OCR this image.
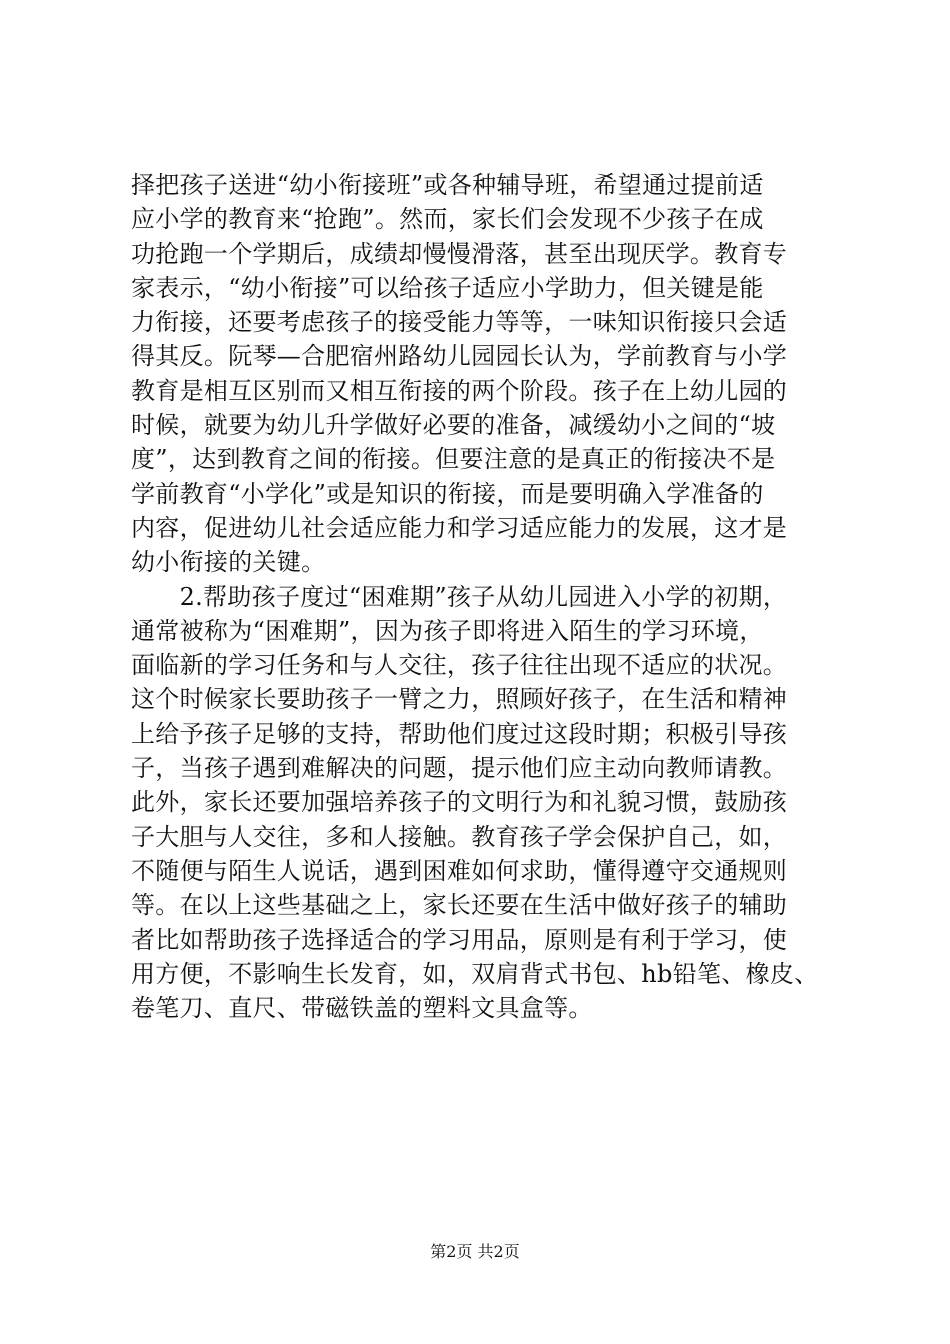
择把孩子送进“幼小衔接班”或各种辅导班，希望通过提前适
应小学的教育来“抢跑”。然而，家长们会发现不少孩子在成
功抢跑一个学期后，成绩却慢慢滑落，甚至出现厌学。教育专
家表示，“幼小衔接”可以给孩子适应小学助力，但关键是能
力衔接，还要考虑孩子的接受能力等等，一味知识衔接只会适
得其反。阮琴—合肥宿州路幼儿园园长认为，学前教育与小学
教育是相互区别而又相互衔接的两个阶段。孩子在上幼儿园的
时候，就要为幼儿升学做好必要的准备，减缓幼小之间的“坡
度”，达到教育之间的衔接。但要注意的是真正的衔接决不是
学前教育“小学化”或是知识的衔接，而是要明确入学准备的
内容，促进幼儿社会适应能力和学习适应能力的发展，这才是
幼小衔接的关键。
　　2.帮助孩子度过“困难期”孩子从幼儿园进入小学的初期，
通常被称为“困难期”，因为孩子即将进入陌生的学习环境，
面临新的学习任务和与人交往，孩子往往出现不适应的状况。
这个时候家长要助孩子一臂之力，照顾好孩子，在生活和精神
上给予孩子足够的支持，帮助他们度过这段时期；积极引导孩
子，当孩子遇到难解决的问题，提示他们应主动向教师请教。
此外，家长还要加强培养孩子的文明行为和礼貌习惯，鼓励孩
子大胆与人交往，多和人接触。教育孩子学会保护自己，如，
不随便与陌生人说话，遇到困难如何求助，懂得遵守交通规则
等。在以上这些基础之上，家长还要在生活中做好孩子的辅助
者比如帮助孩子选择适合的学习用品，原则是有利于学习，使
用方便，不影响生长发育，如，双肩背式书包、hb铅笔、橡皮、
卷笔刀、直尺、带磁铁盖的塑料文具盒等。
第2页 共2页
